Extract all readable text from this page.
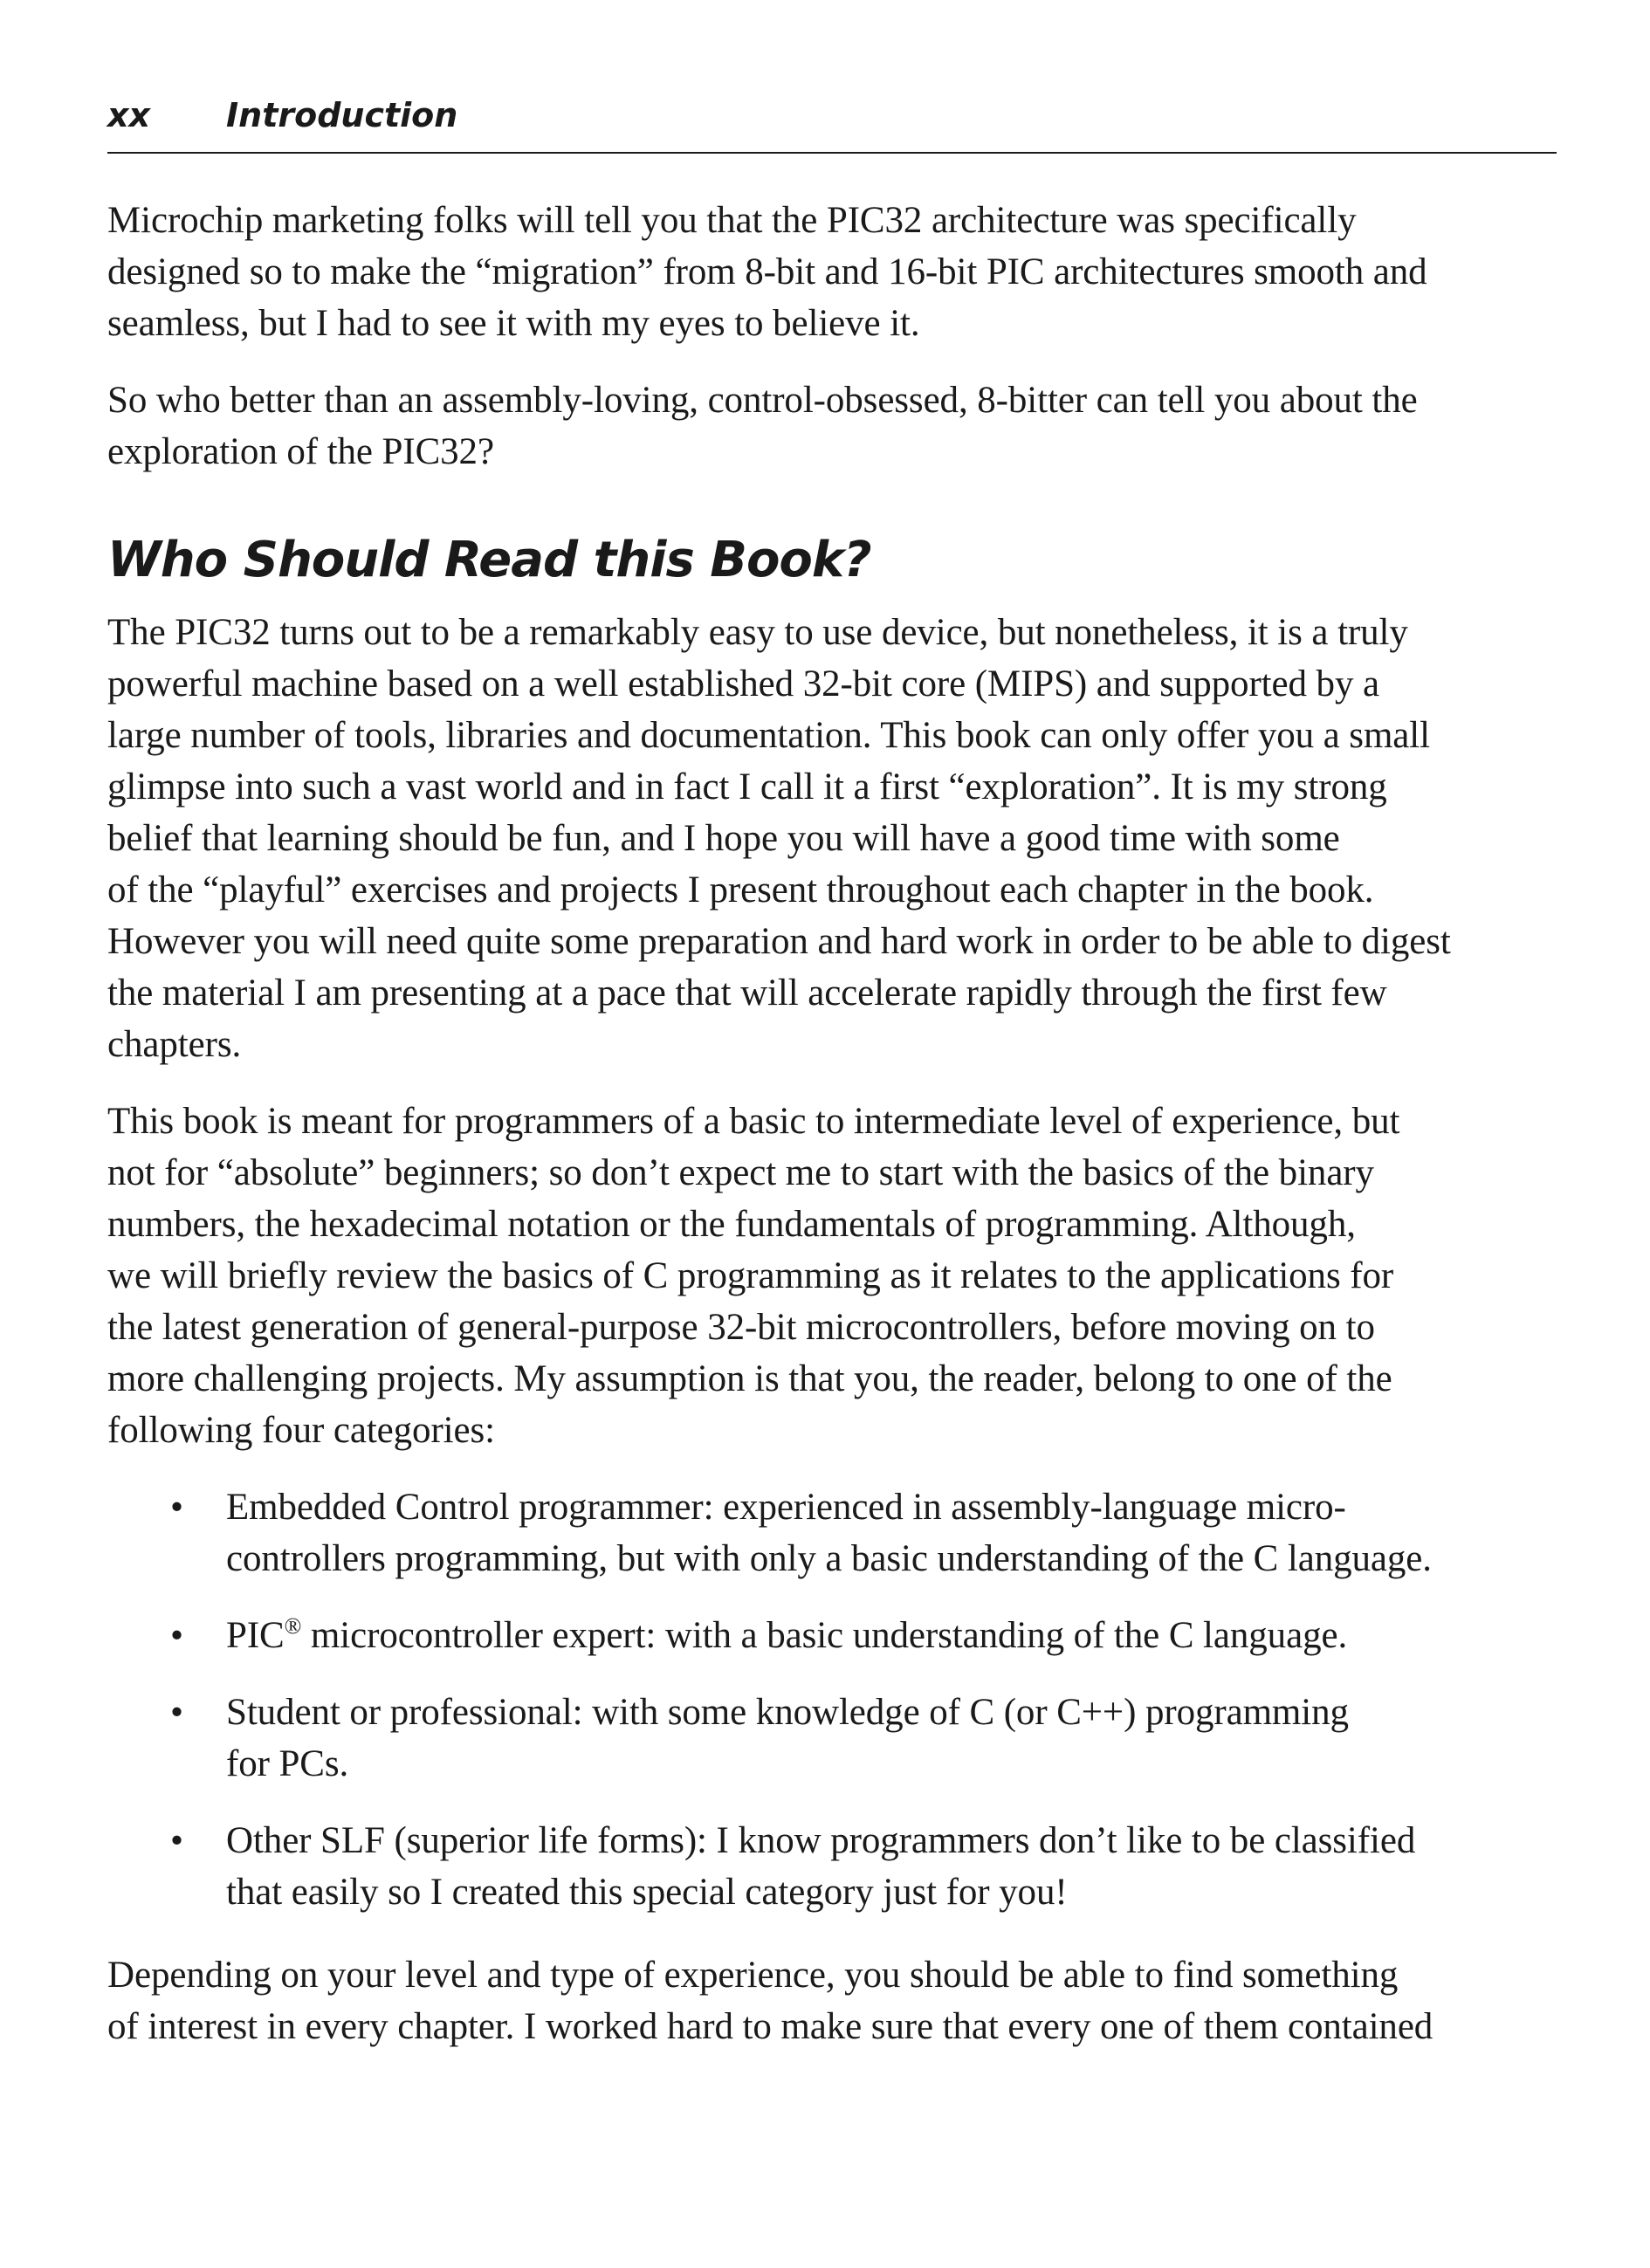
xx	Introduction

Microchip marketing folks will tell you that the PIC32 architecture was specifically
designed so to make the “migration” from 8-bit and 16-bit PIC architectures smooth and
seamless, but I had to see it with my eyes to believe it.

So who better than an assembly-loving, control-obsessed, 8-bitter can tell you about the
exploration of the PIC32?

Who Should Read this Book?

The PIC32 turns out to be a remarkably easy to use device, but nonetheless, it is a truly
powerful machine based on a well established 32-bit core (MIPS) and supported by a
large number of tools, libraries and documentation. This book can only offer you a small
glimpse into such a vast world and in fact I call it a first “exploration”. It is my strong
belief that learning should be fun, and I hope you will have a good time with some
of the “playful” exercises and projects I present throughout each chapter in the book.
However you will need quite some preparation and hard work in order to be able to digest
the material I am presenting at a pace that will accelerate rapidly through the first few
chapters.

This book is meant for programmers of a basic to intermediate level of experience, but
not for “absolute” beginners; so don’t expect me to start with the basics of the binary
numbers, the hexadecimal notation or the fundamentals of programming. Although,
we will briefly review the basics of C programming as it relates to the applications for
the latest generation of general-purpose 32-bit microcontrollers, before moving on to
more challenging projects. My assumption is that you, the reader, belong to one of the
following four categories:

• Embedded Control programmer: experienced in assembly-language micro-
controllers programming, but with only a basic understanding of the C language.
• PIC® microcontroller expert: with a basic understanding of the C language.
• Student or professional: with some knowledge of C (or C++) programming
for PCs.
• Other SLF (superior life forms): I know programmers don’t like to be classified
that easily so I created this special category just for you!

Depending on your level and type of experience, you should be able to find something
of interest in every chapter. I worked hard to make sure that every one of them contained
